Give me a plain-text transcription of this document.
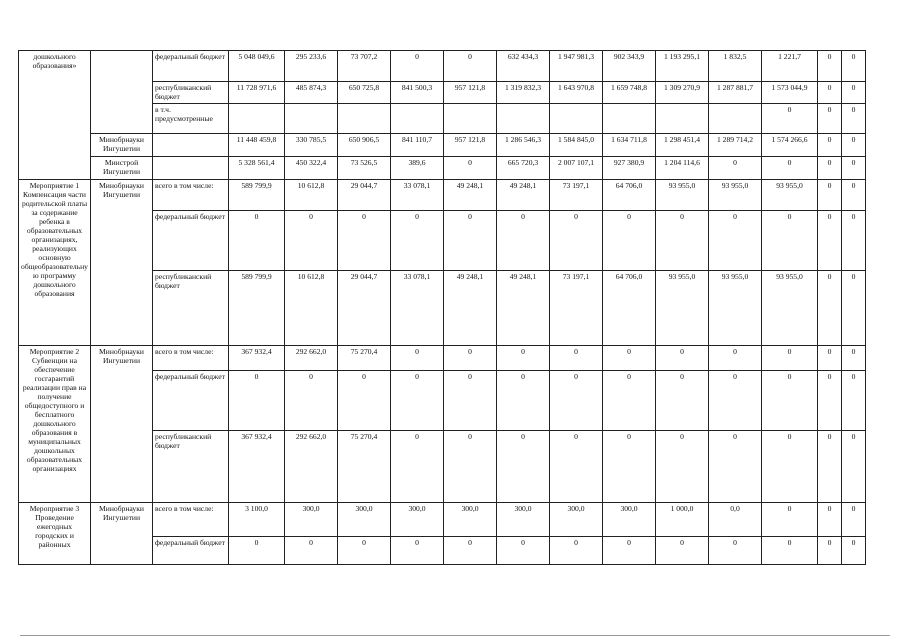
дошкольного образования»		федеральный бюджет	5 048 049,6	295 233,6	73 707,2	0	0	632 434,3	1 947 981,3	902 343,9	1 193 295,1	1 832,5	1 221,7	0	0
		республиканский бюджет	11 728 971,6	485 874,3	650 725,8	841 500,3	957 121,8	1 319 832,3	1 643 970,8	1 659 748,8	1 309 270,9	1 287 881,7	1 573 044,9	0	0
		в т.ч. предусмотренные											0	0	0
	Минобрнауки Ингушетии		11 448 459,8	330 785,5	650 906,5	841 110,7	957 121,8	1 286 546,3	1 584 845,0	1 634 711,8	1 298 451,4	1 289 714,2	1 574 266,6	0	0
	Минстрой Ингушетии		5 328 561,4	450 322,4	73 526,5	389,6	0	665 720,3	2 007 107,1	927 380,9	1 204 114,6	0	0	0	0
Мероприятие 1 Компенсация части родительской платы за содержание ребенка в образовательных организациях, реализующих основную общеобразовательную программу дошкольного образования	Минобрнауки Ингушетии	всего в том числе:	589 799,9	10 612,8	29 044,7	33 078,1	49 248,1	49 248,1	73 197,1	64 706,0	93 955,0	93 955,0	93 955,0	0	0
		федеральный бюджет	0	0	0	0	0	0	0	0	0	0	0	0	0
		республиканский бюджет	589 799,9	10 612,8	29 044,7	33 078,1	49 248,1	49 248,1	73 197,1	64 706,0	93 955,0	93 955,0	93 955,0	0	0
Мероприятие 2 Субвенции на обеспечение госгарантий реализации прав на получение общедоступного и бесплатного дошкольного образования в муниципальных дошкольных образовательных организациях	Минобрнауки Ингушетии	всего в том числе:	367 932,4	292 662,0	75 270,4	0	0	0	0	0	0	0	0	0	0
		федеральный бюджет	0	0	0	0	0	0	0	0	0	0	0	0	0
		республиканский бюджет	367 932,4	292 662,0	75 270,4	0	0	0	0	0	0	0	0	0	0
Мероприятие 3 Проведение ежегодных городских и районных	Минобрнауки Ингушетии	всего в том числе:	3 100,0	300,0	300,0	300,0	300,0	300,0	300,0	300,0	1 000,0	0,0	0	0	0
		федеральный бюджет	0	0	0	0	0	0	0	0	0	0	0	0	0
